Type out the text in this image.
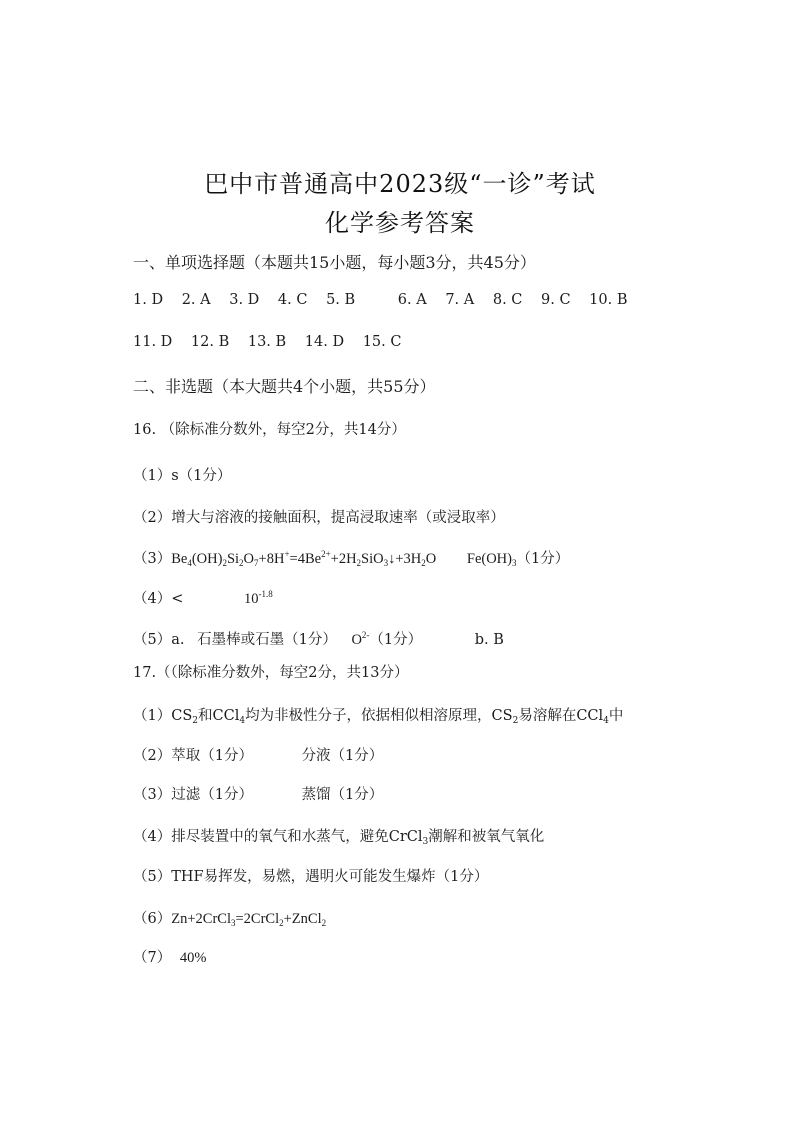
巴中市普通高中2023级“一诊”考试
化学参考答案
一、单项选择题（本题共15小题，每小题3分，共45分）
1. D 2. A 3. D 4. C 5. B	6. A 7. A 8. C 9. C 10. B
11. D 12. B 13. B 14. D 15. C
二、非选题（本大题共4个小题，共55分）
16. （除标准分数外，每空2分，共14分）
（1）s（1分）
（2）增大与溶液的接触面积，提高浸取速率（或浸取率）
$(3)Be_4(OH)_2Si_2O_7+8H^+=4Be^{2+}+2H_2SiO_3↓+3H_2O$ $Fe(OH)_3(1$分）
（4）<	$10^{-1.8}$
（5）a. 石墨棒或石墨（1分） $O^{2-}(1$分）	b. B
17.（（除标准分数外，每空2分，共13分）
$(1)CS_2$和CCl$_4$均为非极性分子，依据相似相溶原理，$CS_2$易溶解在CCl$_4$中
（2）萃取（1分）	分液（1分）
（3）过滤（1分）	蒸馏（1分）
（4）排尽装置中的氧气和水蒸气，避免CrCl$_3$潮解和被氧气氧化
（5）THF易挥发，易燃，遇明火可能发生爆炸（1分）
（6）Zn+2CrCl$_3$=2CrCl$_2$+ZnCl$_2$
（7） 40%
